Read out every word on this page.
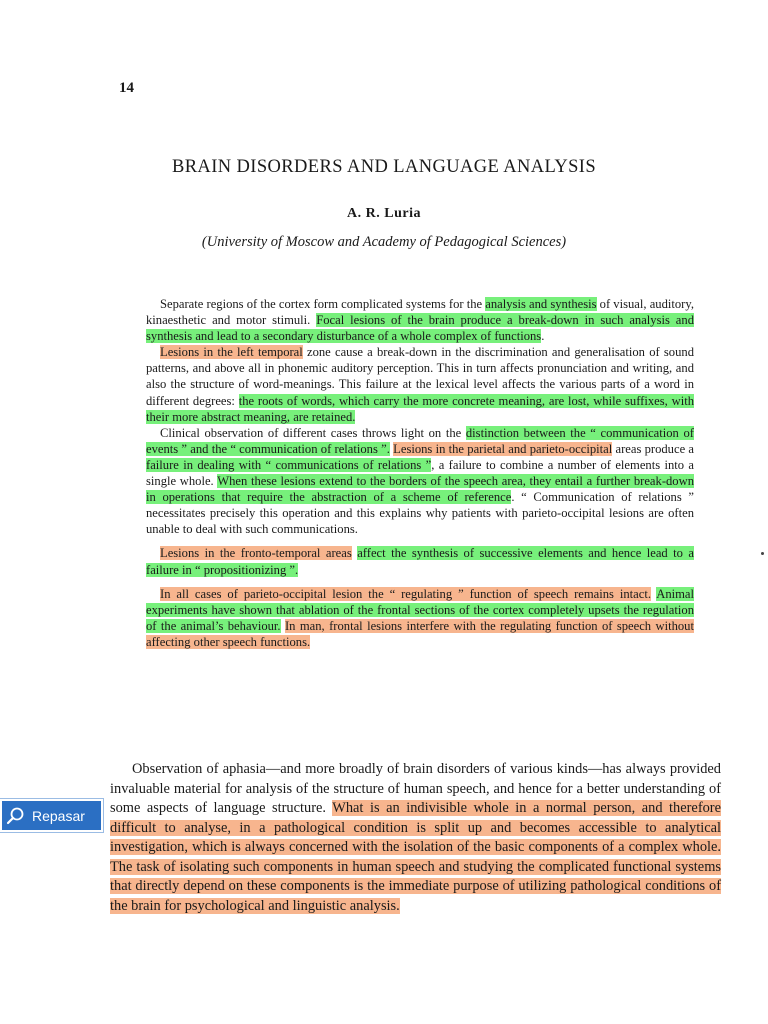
14
BRAIN DISORDERS AND LANGUAGE ANALYSIS
A. R. Luria
(University of Moscow and Academy of Pedagogical Sciences)

Separate regions of the cortex form complicated systems for the analysis and synthesis of visual, auditory, kinaesthetic and motor stimuli. Focal lesions of the brain produce a break-down in such analysis and synthesis and lead to a secondary disturbance of a whole complex of functions.

Lesions in the left temporal zone cause a break-down in the discrimination and generalisation of sound patterns, and above all in phonemic auditory perception. This in turn affects pronunciation and writing, and also the structure of word-meanings. This failure at the lexical level affects the various parts of a word in different degrees: the roots of words, which carry the more concrete meaning, are lost, while suffixes, with their more abstract meaning, are retained.

Clinical observation of different cases throws light on the distinction between the “ communication of events ” and the “ communication of relations ”. Lesions in the parietal and parieto-occipital areas produce a failure in dealing with “ communications of relations ”, a failure to combine a number of elements into a single whole. When these lesions extend to the borders of the speech area, they entail a further break-down in operations that require the abstraction of a scheme of reference. “ Communication of relations ” necessitates precisely this operation and this explains why patients with parieto-occipital lesions are often unable to deal with such communications.

Lesions in the fronto-temporal areas affect the synthesis of successive elements and hence lead to a failure in “ propositionizing ”.

In all cases of parieto-occipital lesion the “ regulating ” function of speech remains intact. Animal experiments have shown that ablation of the frontal sections of the cortex completely upsets the regulation of the animal’s behaviour. In man, frontal lesions interfere with the regulating function of speech without affecting other speech functions.

Observation of aphasia—and more broadly of brain disorders of various kinds—has always provided invaluable material for analysis of the structure of human speech, and hence for a better understanding of some aspects of language structure. What is an indivisible whole in a normal person, and therefore difficult to analyse, in a pathological condition is split up and becomes accessible to analytical investigation, which is always concerned with the isolation of the basic components of a complex whole. The task of isolating such components in human speech and studying the complicated functional systems that directly depend on these components is the immediate purpose of utilizing pathological conditions of the brain for psychological and linguistic analysis.

Repasar
